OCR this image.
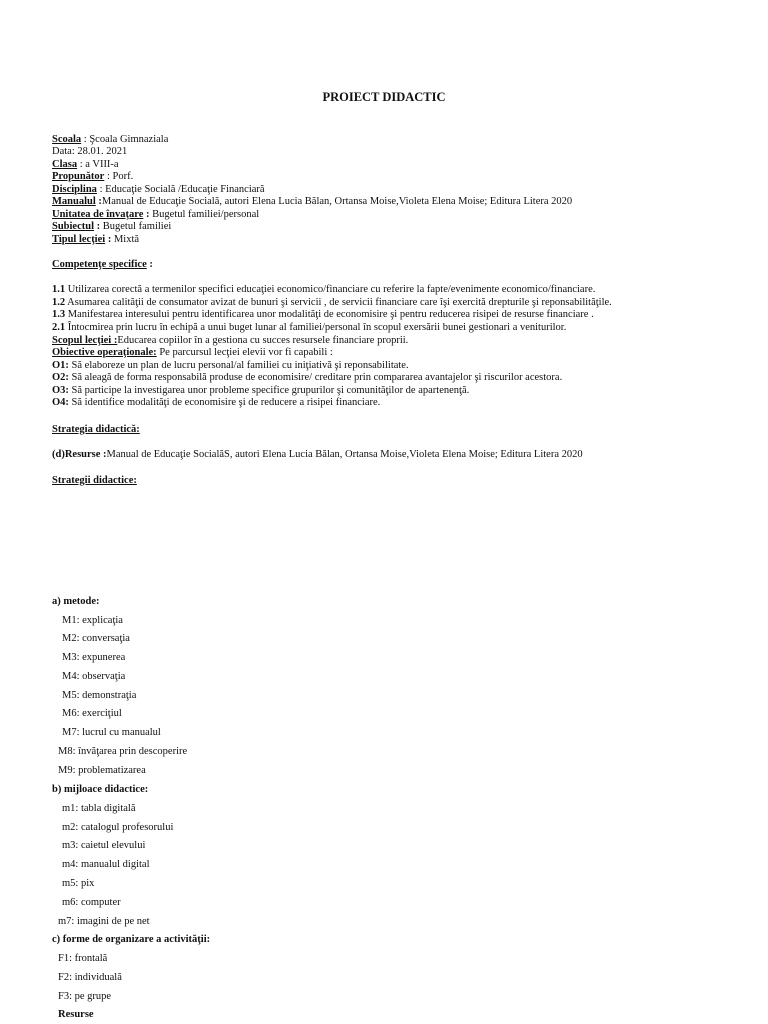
PROIECT DIDACTIC
Scoala : Şcoala Gimnaziala
Data: 28.01. 2021
Clasa : a VIII-a
Propunător : Porf.
Disciplina : Educaţie Socială /Educaţie Financiară
Manualul :Manual de Educaţie Socială, autori Elena Lucia Bălan, Ortansa Moise,Violeta Elena Moise; Editura Litera 2020
Unitatea de învaţare : Bugetul familiei/personal
Subiectul : Bugetul familiei
Tipul lecţiei : Mixtă
Competenţe specifice :
1.1 Utilizarea corectă a termenilor specifici educaţiei economico/financiare cu referire la fapte/evenimente economico/financiare.
1.2 Asumarea calităţii de consumator avizat de bunuri şi servicii , de servicii financiare care îşi exercită drepturile şi reponsabilităţile.
1.3 Manifestarea interesului pentru identificarea unor modalităţi de economisire şi pentru reducerea risipei de resurse financiare .
2.1 Întocmirea prin lucru în echipă a unui buget lunar al familiei/personal în scopul exersării bunei gestionari a veniturilor.
Scopul lecţiei :Educarea copiilor în a gestiona cu succes resursele financiare proprii.
Obiective operaţionale: Pe parcursul lecţiei elevii vor fi capabili :
O1: Să elaboreze un plan de lucru personal/al familiei cu iniţiativă şi reponsabilitate.
O2: Să aleagă de forma responsabilă produse de economisire/ creditare prin compararea avantajelor şi riscurilor acestora.
O3: Să participe la investigarea unor probleme specifice grupurilor şi comunităţilor de apartenenţă.
O4: Să identifice modalităţi de economisire şi de reducere a risipei financiare.
Strategia didactică:
(d)Resurse :Manual de Educaţie SocialăS, autori Elena Lucia Bălan, Ortansa Moise,Violeta Elena Moise; Editura Litera 2020
Strategii didactice:
a) metode:
M1: explicaţia
M2: conversaţia
M3: expunerea
M4: observaţia
M5: demonstraţia
M6: exerciţiul
M7: lucrul cu manualul
M8: învăţarea prin descoperire
M9: problematizarea
b) mijloace didactice:
m1: tabla digitală
m2: catalogul profesorului
m3: caietul elevului
m4: manualul digital
m5: pix
m6: computer
m7: imagini de pe net
c) forme de organizare a activităţii:
F1: frontală
F2: individuală
F3: pe grupe
Resurse
